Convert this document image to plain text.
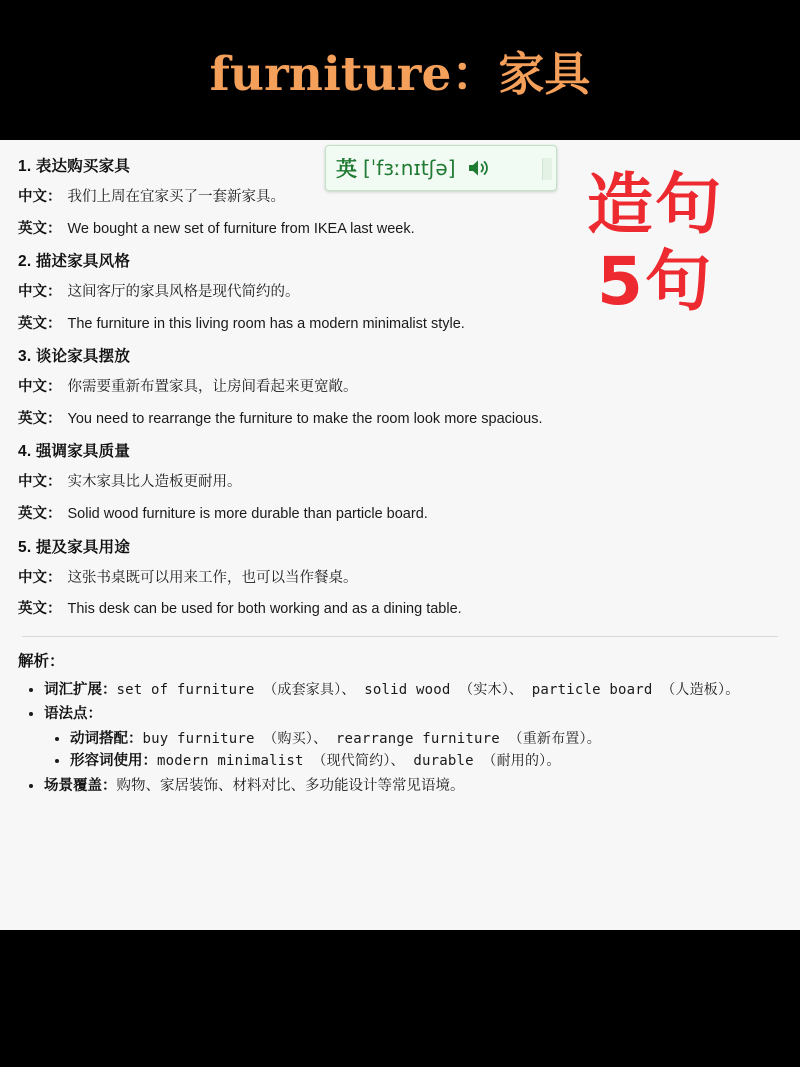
furniture：家具
1. 表达购买家具
中文： 我们上周在宜家买了一套新家具。
英文： We bought a new set of furniture from IKEA last week.
2. 描述家具风格
中文： 这间客厅的家具风格是现代简约的。
英文： The furniture in this living room has a modern minimalist style.
3. 谈论家具摆放
中文： 你需要重新布置家具，让房间看起来更宽敞。
英文： You need to rearrange the furniture to make the room look more spacious.
4. 强调家具质量
中文： 实木家具比人造板更耐用。
英文： Solid wood furniture is more durable than particle board.
5. 提及家具用途
中文： 这张书桌既可以用来工作，也可以当作餐桌。
英文： This desk can be used for both working and as a dining table.
解析：
• 词汇扩展：set of furniture （成套家具）、 solid wood （实木）、 particle board （人造板）。
• 语法点：
• 动词搭配：buy furniture （购买）、 rearrange furniture （重新布置）。
• 形容词使用：modern minimalist （现代简约）、 durable （耐用的）。
• 场景覆盖：购物、家居装饰、材料对比、多功能设计等常见语境。
英 [ˈfɜːnɪtʃə]	造句
5句
